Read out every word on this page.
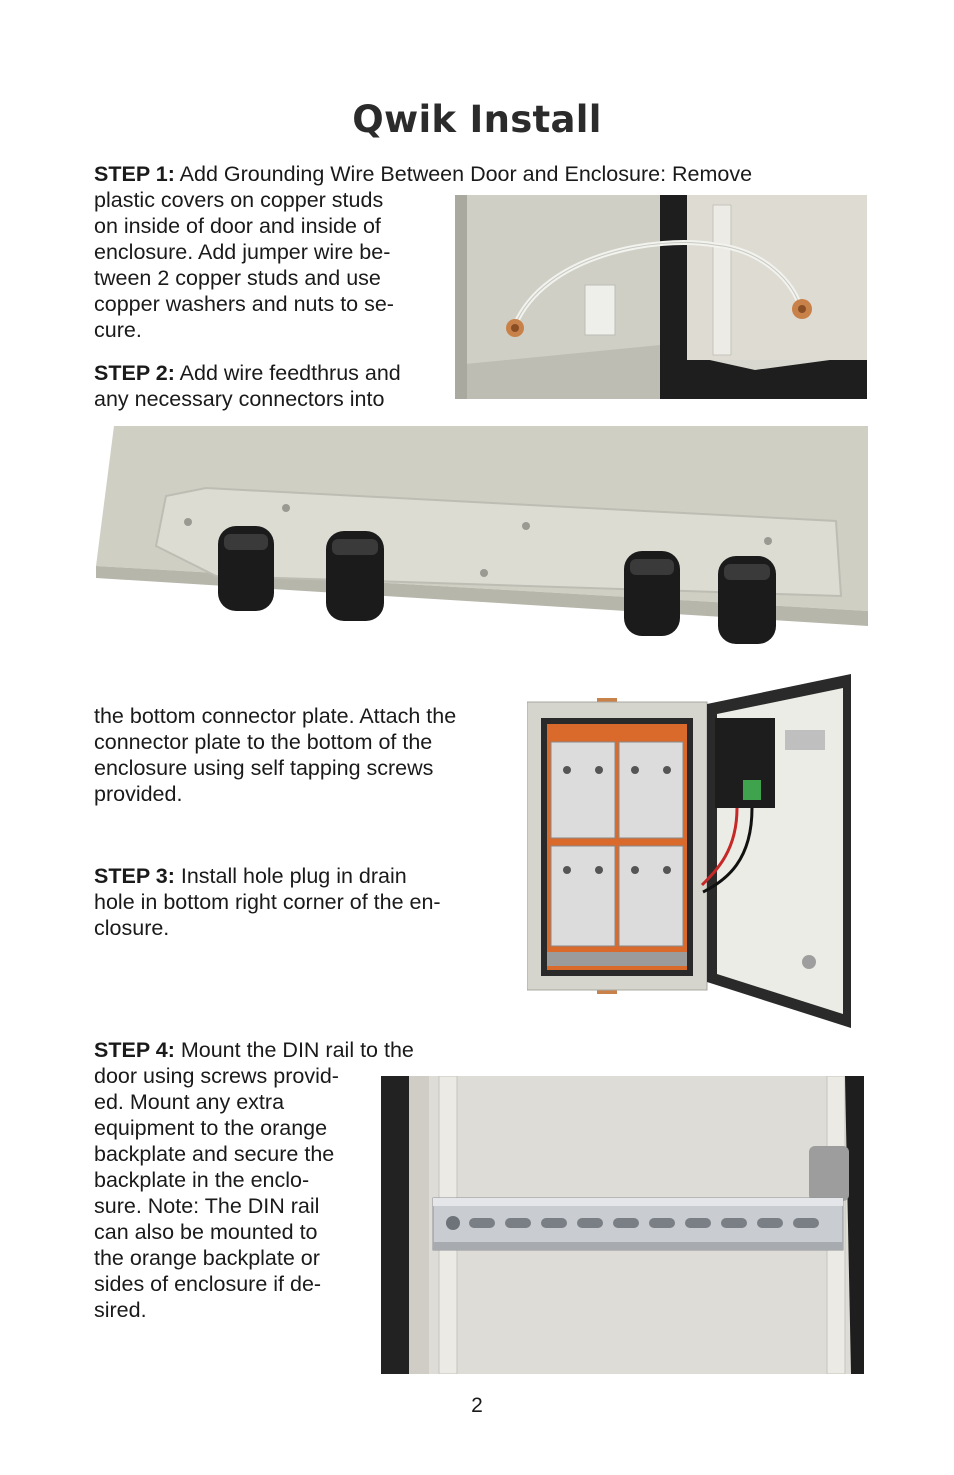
Qwik Install
STEP 1: Add Grounding Wire Between Door and Enclosure: Remove
plastic covers on copper studs
on inside of door and inside of
enclosure. Add jumper wire be-
tween 2 copper studs and use
copper washers and nuts to se-
cure.
STEP 2: Add wire feedthrus and
any necessary connectors into
the bottom connector plate. Attach the
connector plate to the bottom of the
enclosure using self tapping screws
provided.
STEP 3: Install hole plug in drain
hole in bottom right corner of the en-
closure.
STEP 4: Mount the DIN rail to the
door using screws provid-
ed. Mount any extra
equipment to the orange
backplate and secure the
backplate in the enclo-
sure. Note: The DIN rail
can also be mounted to
the orange backplate or
sides of enclosure if de-
sired.
2
